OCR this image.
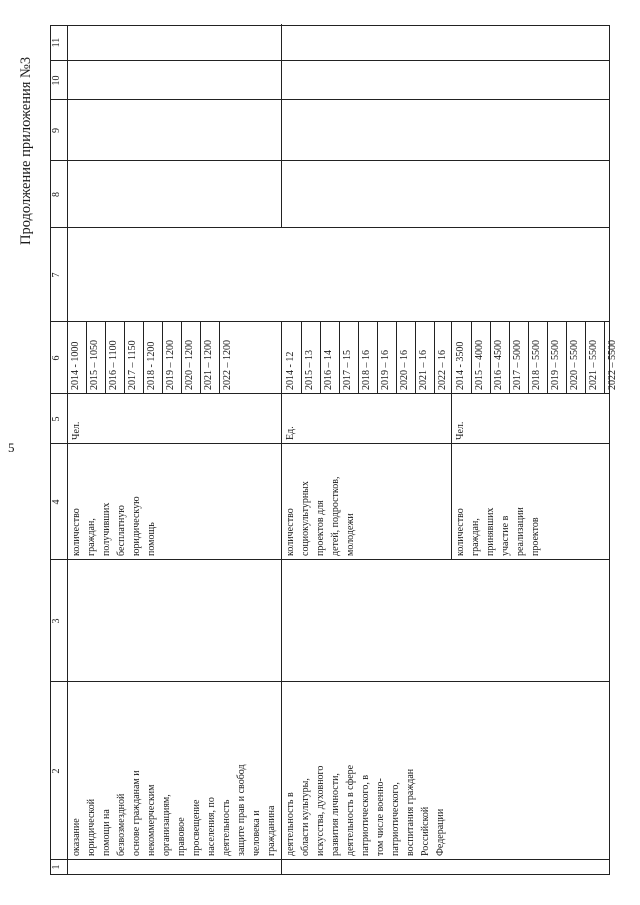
5
Продолжение приложения №3
1
2
3
4
5
6
7
8
9
10
11
оказание юридической помощи на безвозмездной основе гражданам и некоммерческим организациям, правовое просвещение населения, по деятельность защите прав и свобод человека и гражданина
количество граждан, получивших бесплатную юридическую помощь
Чел.
2014 - 1000 2015 – 1050 2016 – 1100 2017 – 1150 2018 - 1200 2019 – 1200 2020 – 1200 2021 – 1200 2022 – 1200
деятельность в области культуры, искусства, духовного развития личности, деятельность в сфере патриотического, в том числе военно- патриотического, воспитания граждан Российской Федерации
количество социокультурных проектов для детей, подростков, молодежи
Ед.
2014 - 12 2015 – 13 2016 – 14 2017 – 15 2018 – 16 2019 – 16 2020 – 16 2021 – 16 2022 – 16
количество граждан, принявших участие в реализации проектов
Чел.
2014 - 3500 2015 – 4000 2016 – 4500 2017 – 5000 2018 – 5500 2019 – 5500 2020 – 5500 2021 – 5500 2022 – 5500
